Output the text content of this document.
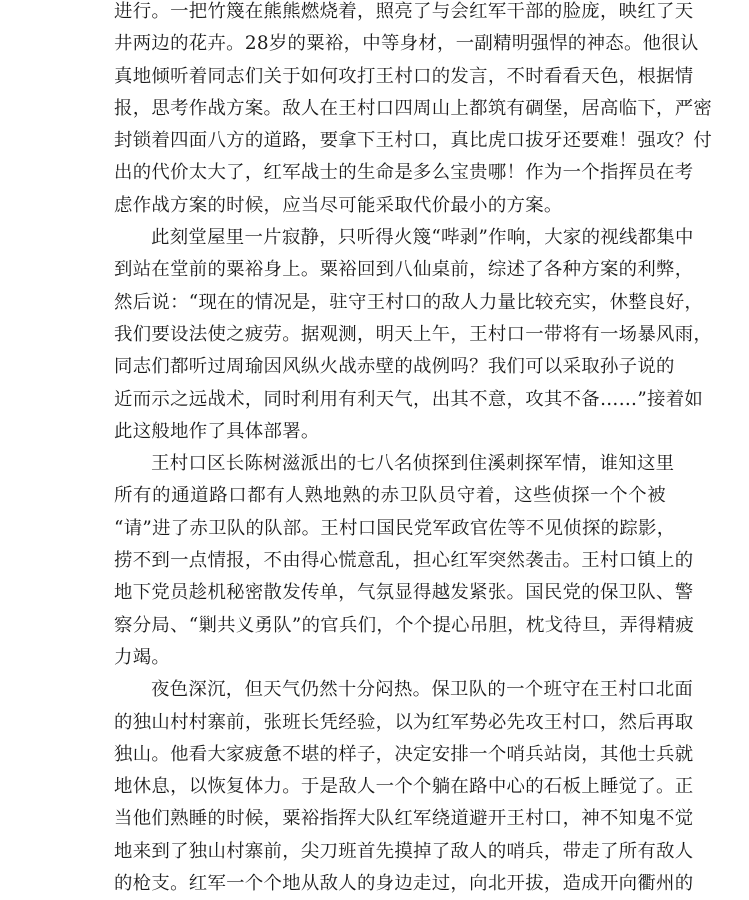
进行。一把竹篾在熊熊燃烧着，照亮了与会红军干部的脸庞，映红了天
井两边的花卉。28岁的粟裕，中等身材，一副精明强悍的神态。他很认
真地倾听着同志们关于如何攻打王村口的发言，不时看看天色，根据情
报，思考作战方案。敌人在王村口四周山上都筑有碉堡，居高临下，严密
封锁着四面八方的道路，要拿下王村口，真比虎口拔牙还要难！强攻？付
出的代价太大了，红军战士的生命是多么宝贵哪！作为一个指挥员在考
虑作战方案的时候，应当尽可能采取代价最小的方案。
此刻堂屋里一片寂静，只听得火篾“哔剥”作响，大家的视线都集中
到站在堂前的粟裕身上。粟裕回到八仙桌前，综述了各种方案的利弊，
然后说：“现在的情况是，驻守王村口的敌人力量比较充实，休整良好，
我们要设法使之疲劳。据观测，明天上午，王村口一带将有一场暴风雨，
同志们都听过周瑜因风纵火战赤壁的战例吗？我们可以采取孙子说的
近而示之远战术，同时利用有利天气，出其不意，攻其不备……”接着如
此这般地作了具体部署。
王村口区长陈树滋派出的七八名侦探到住溪刺探军情，谁知这里
所有的通道路口都有人熟地熟的赤卫队员守着，这些侦探一个个被
“请”进了赤卫队的队部。王村口国民党军政官佐等不见侦探的踪影，
捞不到一点情报，不由得心慌意乱，担心红军突然袭击。王村口镇上的
地下党员趁机秘密散发传单，气氛显得越发紧张。国民党的保卫队、警
察分局、“剿共义勇队”的官兵们，个个提心吊胆，枕戈待旦，弄得精疲
力竭。
夜色深沉，但天气仍然十分闷热。保卫队的一个班守在王村口北面
的独山村村寨前，张班长凭经验，以为红军势必先攻王村口，然后再取
独山。他看大家疲惫不堪的样子，决定安排一个哨兵站岗，其他士兵就
地休息，以恢复体力。于是敌人一个个躺在路中心的石板上睡觉了。正
当他们熟睡的时候，粟裕指挥大队红军绕道避开王村口，神不知鬼不觉
地来到了独山村寨前，尖刀班首先摸掉了敌人的哨兵，带走了所有敌人
的枪支。红军一个个地从敌人的身边走过，向北开拔，造成开向衢州的
